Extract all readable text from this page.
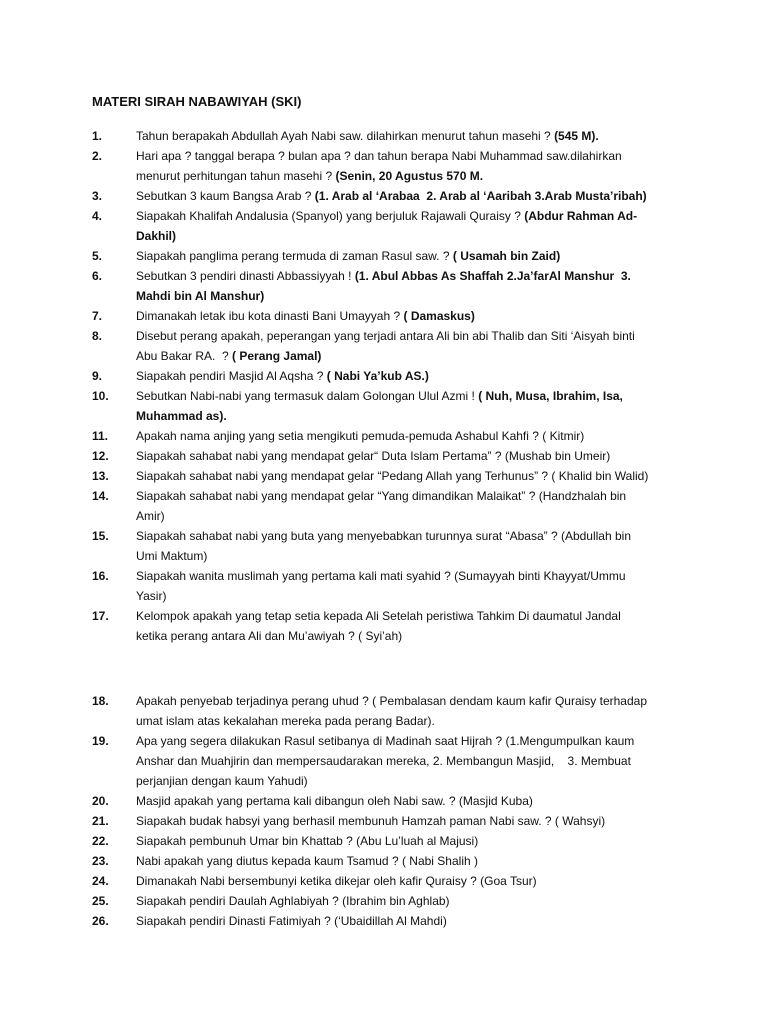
MATERI SIRAH NABAWIYAH (SKI)
1.	Tahun berapakah Abdullah Ayah Nabi saw. dilahirkan menurut tahun masehi ? (545 M).
2.	Hari apa ? tanggal berapa ? bulan apa ? dan tahun berapa Nabi Muhammad saw.dilahirkan
menurut perhitungan tahun masehi ? (Senin, 20 Agustus 570 M.
3.	Sebutkan 3 kaum Bangsa Arab ? (1. Arab al ‘Arabaa  2. Arab al ‘Aaribah 3.Arab Musta’ribah)
4.	Siapakah Khalifah Andalusia (Spanyol) yang berjuluk Rajawali Quraisy ? (Abdur Rahman Ad-
Dakhil)
5.	Siapakah panglima perang termuda di zaman Rasul saw. ? ( Usamah bin Zaid)
6.	Sebutkan 3 pendiri dinasti Abbassiyyah ! (1. Abul Abbas As Shaffah 2.Ja’farAl Manshur  3.
Mahdi bin Al Manshur)
7.	Dimanakah letak ibu kota dinasti Bani Umayyah ? ( Damaskus)
8.	Disebut perang apakah, peperangan yang terjadi antara Ali bin abi Thalib dan Siti ‘Aisyah binti
Abu Bakar RA.  ? ( Perang Jamal)
9.	Siapakah pendiri Masjid Al Aqsha ? ( Nabi Ya’kub AS.)
10.	Sebutkan Nabi-nabi yang termasuk dalam Golongan Ulul Azmi ! ( Nuh, Musa, Ibrahim, Isa,
Muhammad as).
11.	Apakah nama anjing yang setia mengikuti pemuda-pemuda Ashabul Kahfi ? ( Kitmir)
12.	Siapakah sahabat nabi yang mendapat gelar“ Duta Islam Pertama” ? (Mushab bin Umeir)
13.	Siapakah sahabat nabi yang mendapat gelar “Pedang Allah yang Terhunus” ? ( Khalid bin Walid)
14.	Siapakah sahabat nabi yang mendapat gelar “Yang dimandikan Malaikat” ? (Handzhalah bin
Amir)
15.	Siapakah sahabat nabi yang buta yang menyebabkan turunnya surat “Abasa” ? (Abdullah bin
Umi Maktum)
16.	Siapakah wanita muslimah yang pertama kali mati syahid ? (Sumayyah binti Khayyat/Ummu
Yasir)
17.	Kelompok apakah yang tetap setia kepada Ali Setelah peristiwa Tahkim Di daumatul Jandal
ketika perang antara Ali dan Mu’awiyah ? ( Syi’ah)
18.	Apakah penyebab terjadinya perang uhud ? ( Pembalasan dendam kaum kafir Quraisy terhadap
umat islam atas kekalahan mereka pada perang Badar).
19.	Apa yang segera dilakukan Rasul setibanya di Madinah saat Hijrah ? (1.Mengumpulkan kaum
Anshar dan Muahjirin dan mempersaudarakan mereka, 2. Membangun Masjid,    3. Membuat
perjanjian dengan kaum Yahudi)
20.	Masjid apakah yang pertama kali dibangun oleh Nabi saw. ? (Masjid Kuba)
21.	Siapakah budak habsyi yang berhasil membunuh Hamzah paman Nabi saw. ? ( Wahsyi)
22.	Siapakah pembunuh Umar bin Khattab ? (Abu Lu’luah al Majusi)
23.	Nabi apakah yang diutus kepada kaum Tsamud ? ( Nabi Shalih )
24.	Dimanakah Nabi bersembunyi ketika dikejar oleh kafir Quraisy ? (Goa Tsur)
25.	Siapakah pendiri Daulah Aghlabiyah ? (Ibrahim bin Aghlab)
26.	Siapakah pendiri Dinasti Fatimiyah ? (‘Ubaidillah Al Mahdi)
